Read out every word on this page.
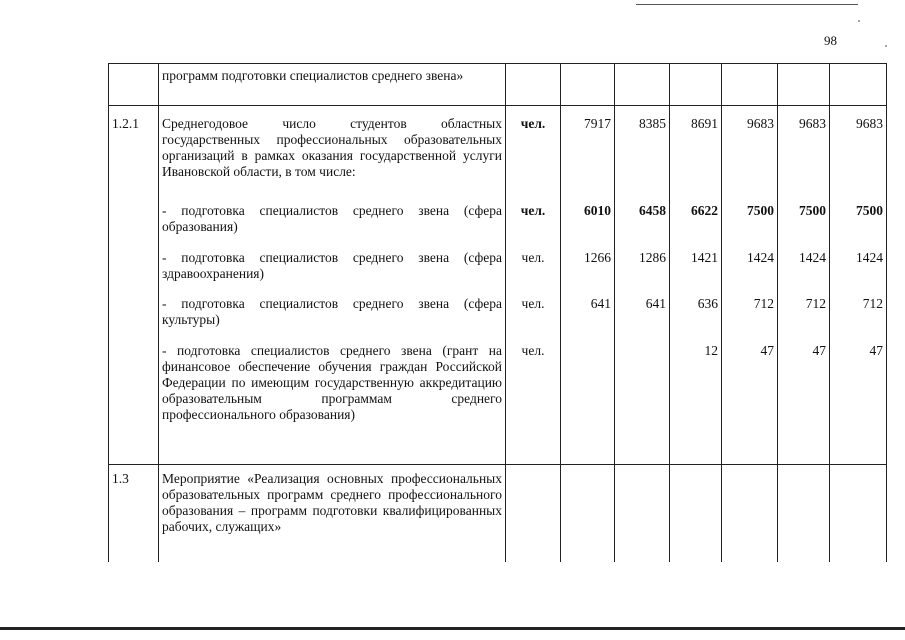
98
	программ подготовки специалистов среднего звена»							
1.2.1	Среднегодовое число студентов областных государственных профессиональных образовательных организаций в рамках оказания государственной услуги Ивановской области, в том числе:	чел.	7917	8385	8691	9683	9683	9683
	- подготовка специалистов среднего звена (сфера образования)	чел.	6010	6458	6622	7500	7500	7500
	- подготовка специалистов среднего звена (сфера здравоохранения)	чел.	1266	1286	1421	1424	1424	1424
	- подготовка специалистов среднего звена (сфера культуры)	чел.	641	641	636	712	712	712
	- подготовка специалистов среднего звена (грант на финансовое обеспечение обучения граждан Российской Федерации по имеющим государственную аккредитацию образовательным программам среднего профессионального образования)	чел.			12	47	47	47
1.3	Мероприятие «Реализация основных профессиональных образовательных программ среднего профессионального образования – программ подготовки квалифицированных рабочих, служащих»							
